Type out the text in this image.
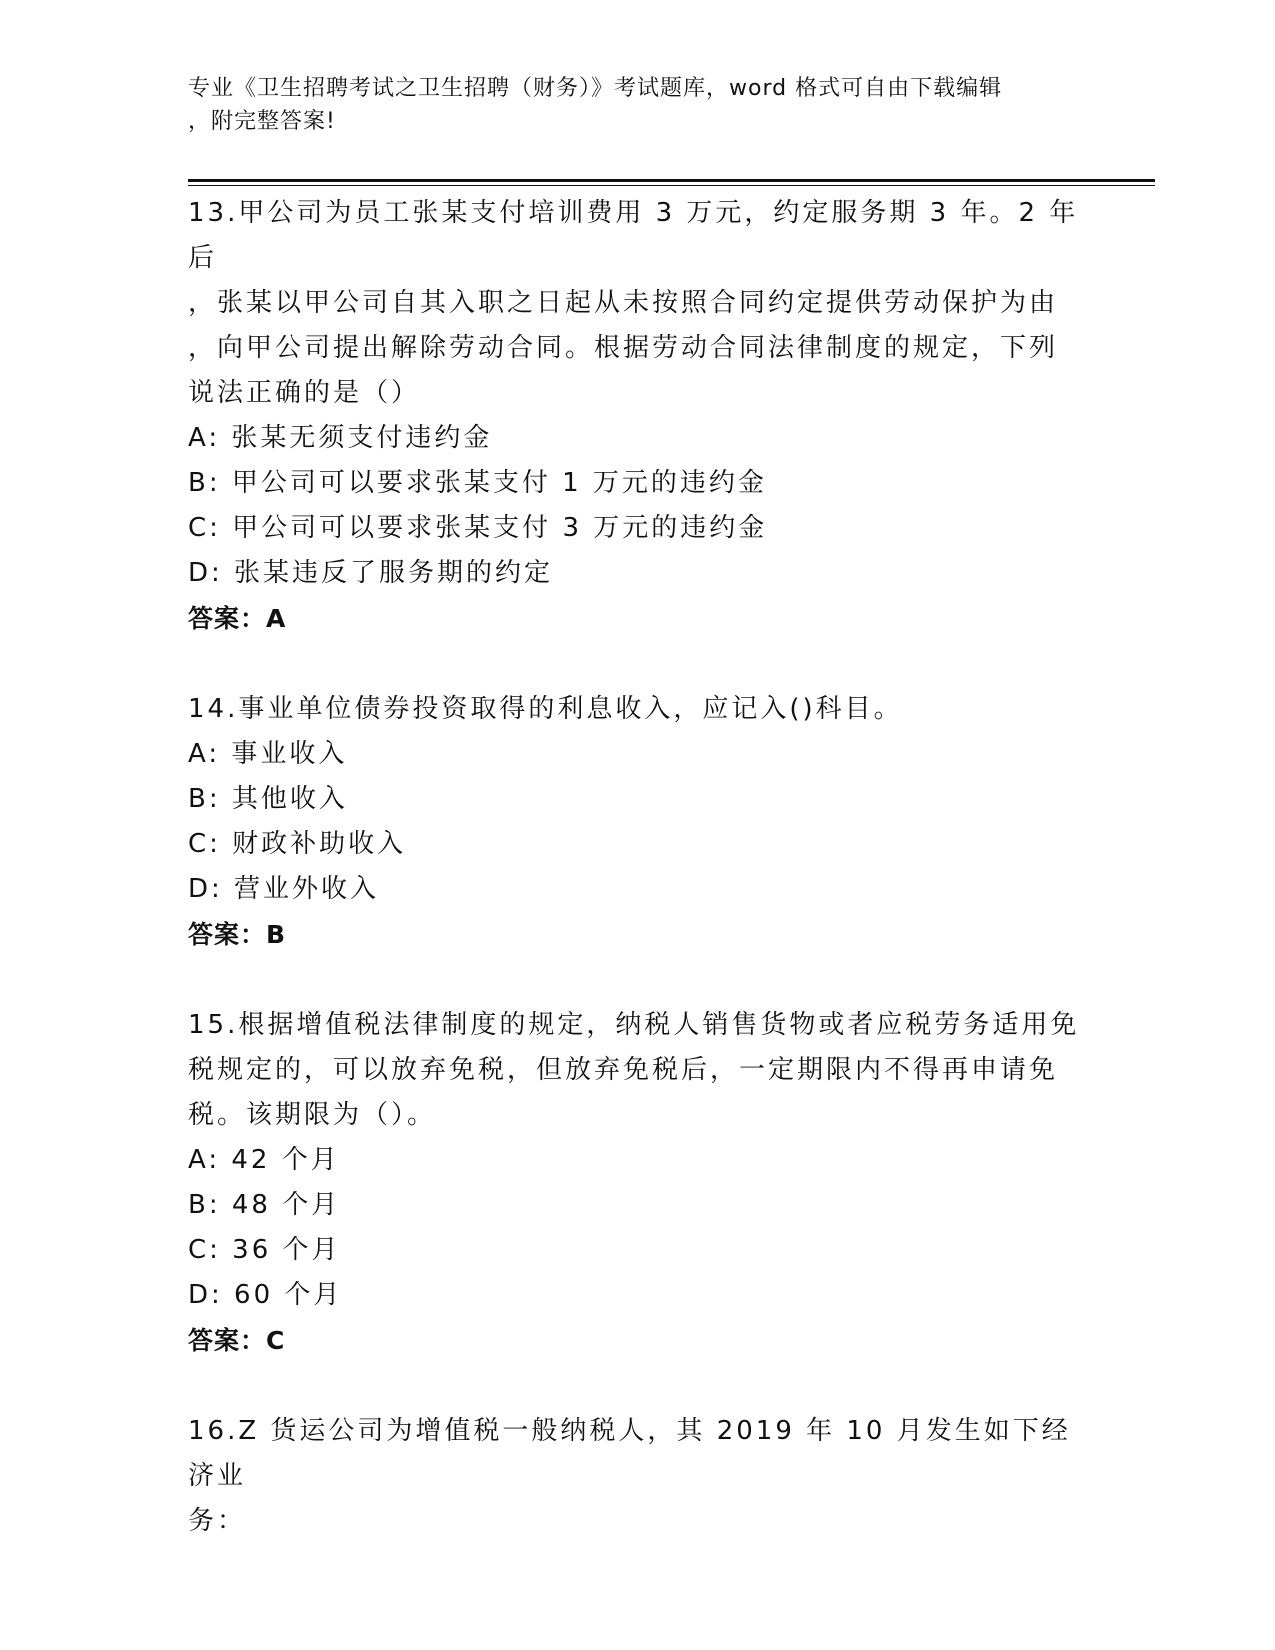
专业《卫生招聘考试之卫生招聘（财务）》考试题库，word 格式可自由下载编辑
，附完整答案!

13.甲公司为员工张某支付培训费用 3 万元，约定服务期 3 年。2 年后

，张某以甲公司自其入职之日起从未按照合同约定提供劳动保护为由

，向甲公司提出解除劳动合同。根据劳动合同法律制度的规定，下列

说法正确的是（）

A: 张某无须支付违约金

B: 甲公司可以要求张某支付 1 万元的违约金

C: 甲公司可以要求张某支付 3 万元的违约金

D: 张某违反了服务期的约定

答案：A

14.事业单位债券投资取得的利息收入，应记入()科目。

A: 事业收入

B: 其他收入

C: 财政补助收入

D: 营业外收入

答案：B

15.根据增值税法律制度的规定，纳税人销售货物或者应税劳务适用免

税规定的，可以放弃免税，但放弃免税后，一定期限内不得再申请免

税。该期限为（）。

A: 42 个月

B: 48 个月

C: 36 个月

D: 60 个月

答案：C

16.Z 货运公司为增值税一般纳税人，其 2019 年 10 月发生如下经济业

务：
